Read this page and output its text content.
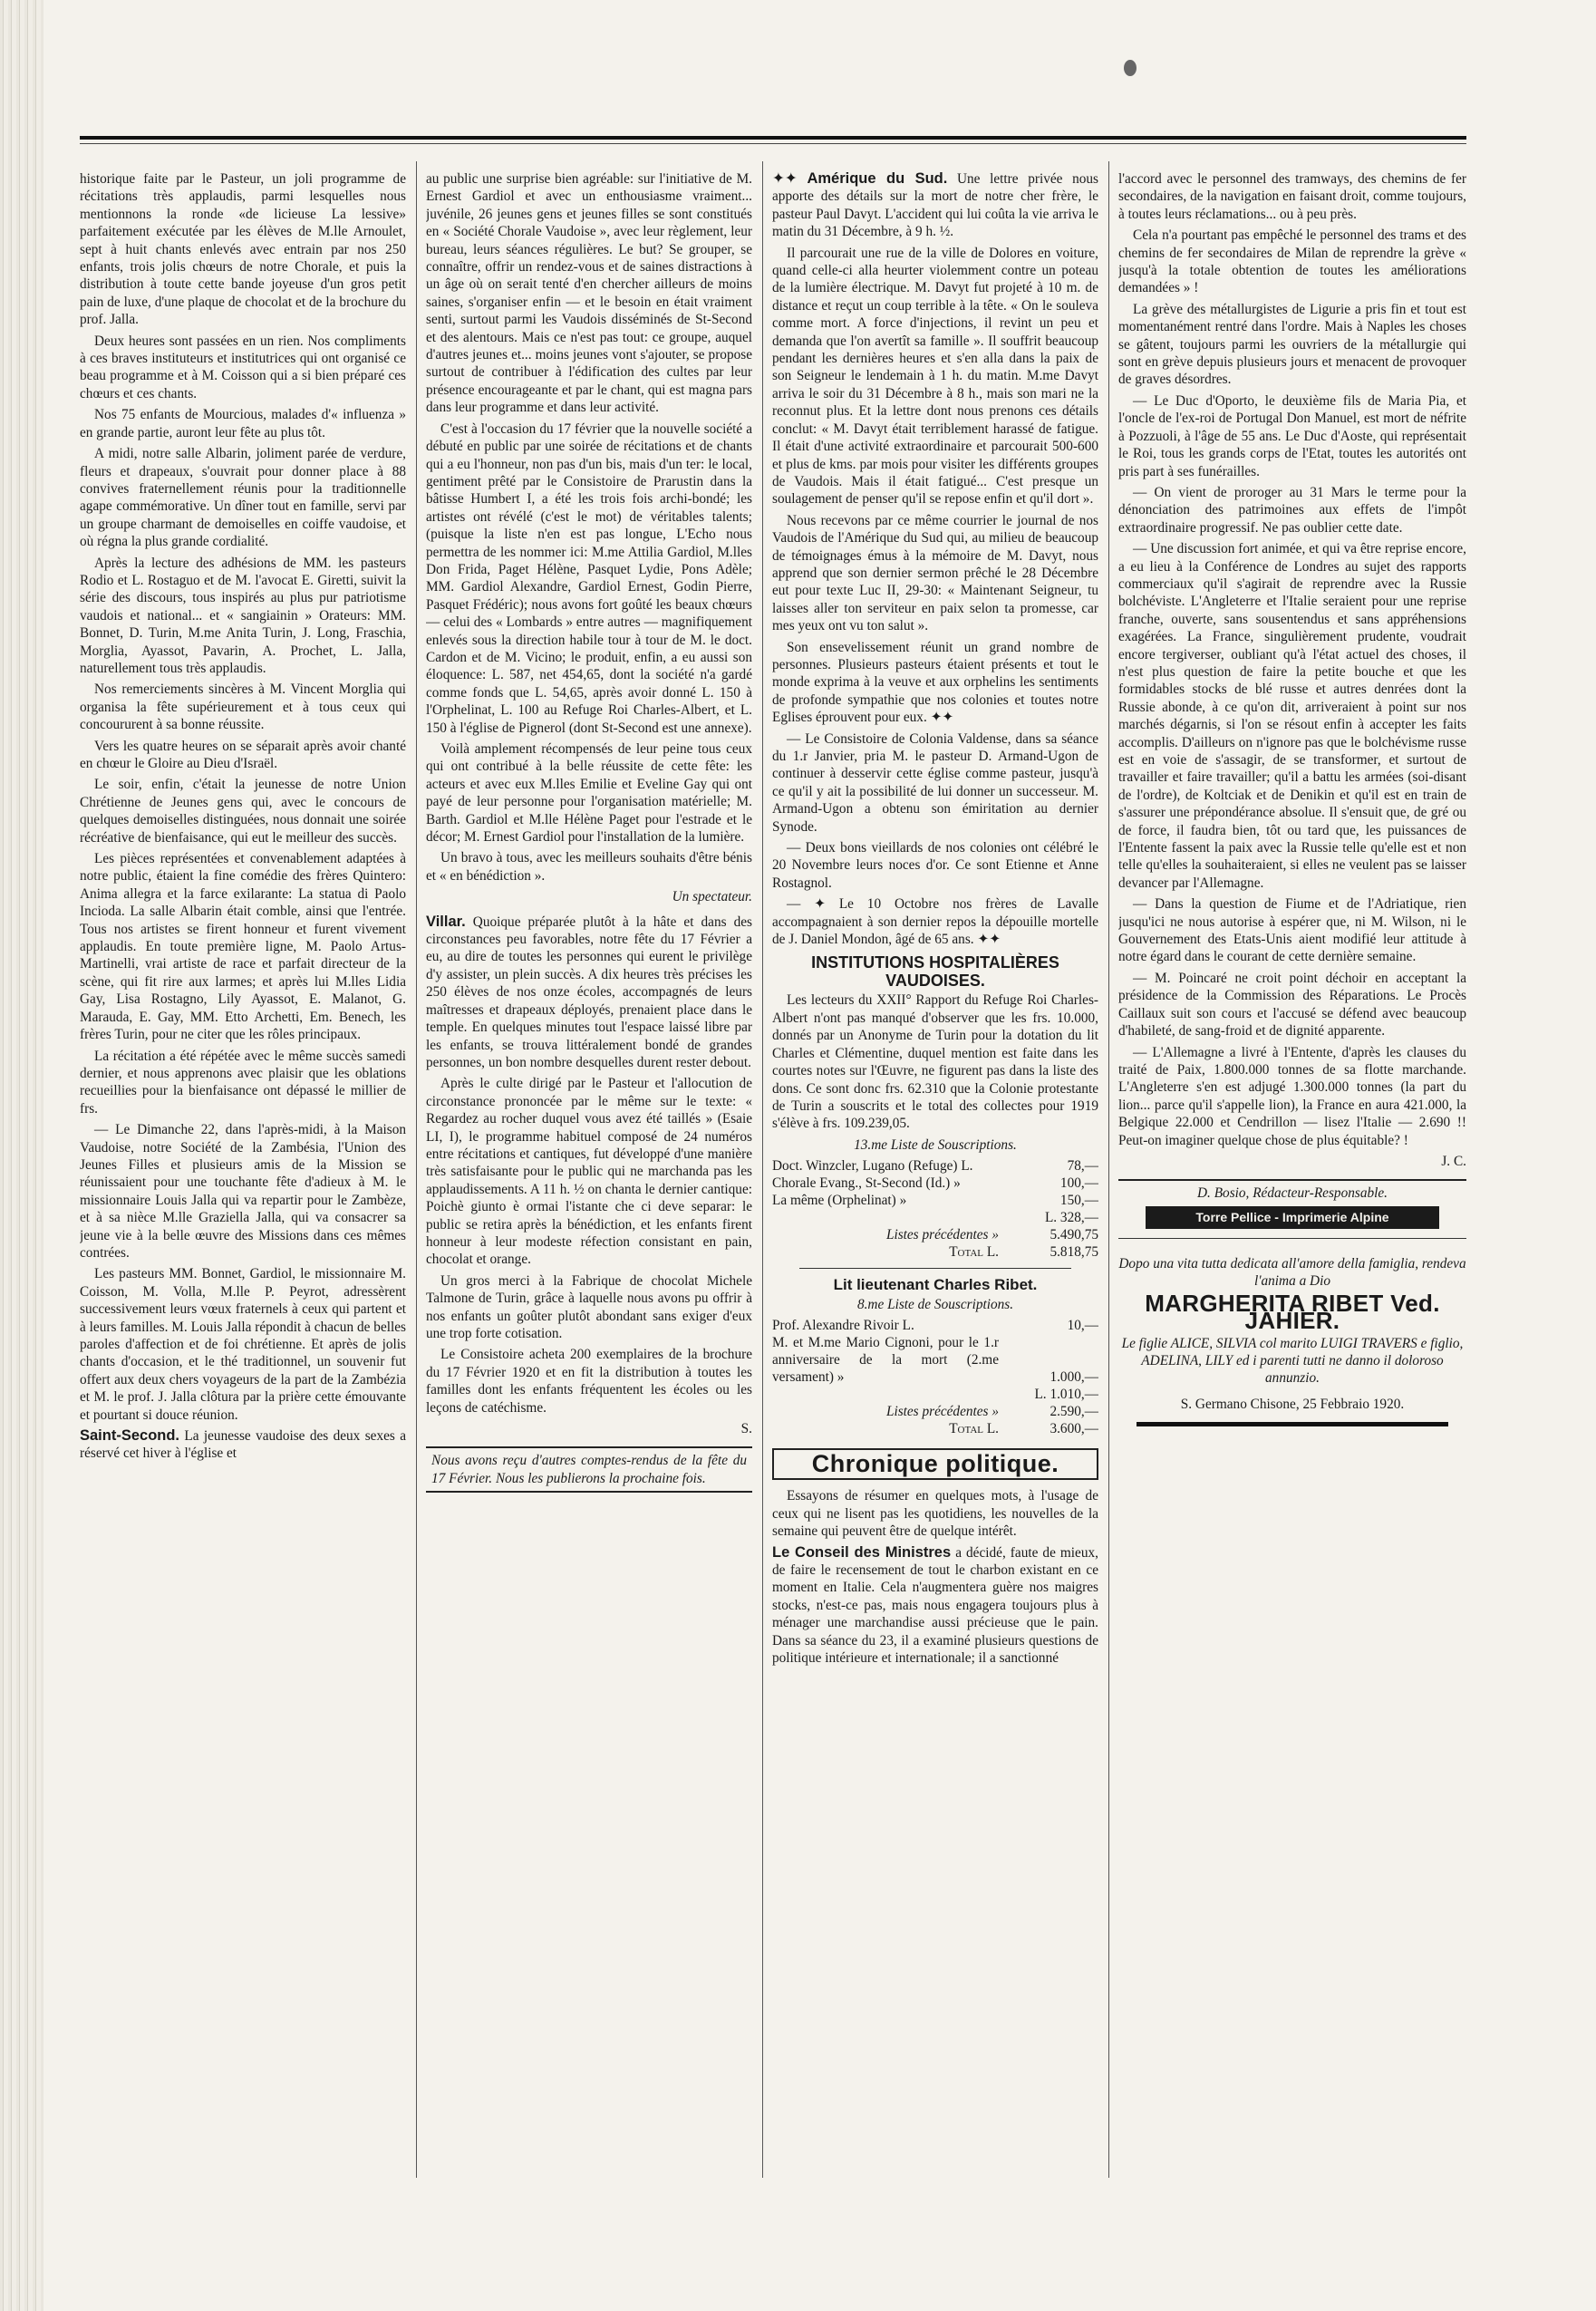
historique faite par le Pasteur, un joli programme de récitations très applaudis, parmi lesquelles nous mentionnons la ronde «de licieuse La lessive» parfaitement exécutée par les élèves de M.lle Arnoulet, sept à huit chants enlevés avec entrain par nos 250 enfants, trois jolis chœurs de notre Chorale, et puis la distribution à toute cette bande joyeuse d'un gros petit pain de luxe, d'une plaque de chocolat et de la brochure du prof. Jalla.

Deux heures sont passées en un rien. Nos compliments à ces braves instituteurs et institutrices qui ont organisé ce beau programme et à M. Coisson qui a si bien préparé ces chœurs et ces chants.

Nos 75 enfants de Mourcious, malades d'« influenza » en grande partie, auront leur fête au plus tôt.

A midi, notre salle Albarin, joliment parée de verdure, fleurs et drapeaux, s'ouvrait pour donner place à 88 convives fraternellement réunis pour la traditionnelle agape commémorative. Un dîner tout en famille, servi par un groupe charmant de demoiselles en coiffe vaudoise, et où régna la plus grande cordialité.

Après la lecture des adhésions de MM. les pasteurs Rodio et L. Rostaguo et de M. l'avocat E. Giretti, suivit la série des discours, tous inspirés au plus pur patriotisme vaudois et national... et « sangiainin » Orateurs: MM. Bonnet, D. Turin, M.me Anita Turin, J. Long, Fraschia, Morglia, Ayassot, Pavarin, A. Prochet, L. Jalla, naturellement tous très applaudis.

Nos remerciements sincères à M. Vincent Morglia qui organisa la fête supérieurement et à tous ceux qui concoururent à sa bonne réussite.

Vers les quatre heures on se séparait après avoir chanté en chœur le Gloire au Dieu d'Israël.

Le soir, enfin, c'était la jeunesse de notre Union Chrétienne de Jeunes gens qui, avec le concours de quelques demoiselles distinguées, nous donnait une soirée récréative de bienfaisance, qui eut le meilleur des succès.

Les pièces représentées et convenablement adaptées à notre public, étaient la fine comédie des frères Quintero: Anima allegra et la farce exilarante: La statua di Paolo Incioda. La salle Albarin était comble, ainsi que l'entrée. Tous nos artistes se firent honneur et furent vivement applaudis. En toute première ligne, M. Paolo Artus-Martinelli, vrai artiste de race et parfait directeur de la scène, qui fit rire aux larmes; et après lui M.lles Lidia Gay, Lisa Rostagno, Lily Ayassot, E. Malanot, G. Marauda, E. Gay, MM. Etto Archetti, Em. Benech, les frères Turin, pour ne citer que les rôles principaux.

La récitation a été répétée avec le même succès samedi dernier, et nous apprenons avec plaisir que les oblations recueillies pour la bienfaisance ont dépassé le millier de frs.

— Le Dimanche 22, dans l'après-midi, à la Maison Vaudoise, notre Société de la Zambésia, l'Union des Jeunes Filles et plusieurs amis de la Mission se réunissaient pour une touchante fête d'adieux à M. le missionnaire Louis Jalla qui va repartir pour le Zambèze, et à sa nièce M.lle Graziella Jalla, qui va consacrer sa jeune vie à la belle œuvre des Missions dans ces mêmes contrées.

Les pasteurs MM. Bonnet, Gardiol, le missionnaire M. Coisson, M. Volla, M.lle P. Peyrot, adressèrent successivement leurs vœux fraternels à ceux qui partent et à leurs familles. M. Louis Jalla répondit à chacun de belles paroles d'affection et de foi chrétienne. Et après de jolis chants d'occasion, et le thé traditionnel, un souvenir fut offert aux deux chers voyageurs de la part de la Zambézia et M. le prof. J. Jalla clôtura par la prière cette émouvante et pourtant si douce réunion.

Saint-Second. La jeunesse vaudoise des deux sexes a réservé cet hiver à l'église et

au public une surprise bien agréable: sur l'initiative de M. Ernest Gardiol et avec un enthousiasme vraiment... juvénile, 26 jeunes gens et jeunes filles se sont constitués en « Société Chorale Vaudoise », avec leur règlement, leur bureau, leurs séances régulières. Le but? Se grouper, se connaître, offrir un rendez-vous et de saines distractions à un âge où on serait tenté d'en chercher ailleurs de moins saines, s'organiser enfin — et le besoin en était vraiment senti, surtout parmi les Vaudois disséminés de St-Second et des alentours. Mais ce n'est pas tout: ce groupe, auquel d'autres jeunes et... moins jeunes vont s'ajouter, se propose surtout de contribuer à l'édification des cultes par leur présence encourageante et par le chant, qui est magna pars dans leur programme et dans leur activité.

C'est à l'occasion du 17 février que la nouvelle société a débuté en public par une soirée de récitations et de chants qui a eu l'honneur, non pas d'un bis, mais d'un ter: le local, gentiment prêté par le Consistoire de Prarustin dans la bâtisse Humbert I, a été les trois fois archi-bondé; les artistes ont révélé (c'est le mot) de véritables talents; (puisque la liste n'en est pas longue, L'Echo nous permettra de les nommer ici: M.me Attilia Gardiol, M.lles Don Frida, Paget Hélène, Pasquet Lydie, Pons Adèle; MM. Gardiol Alexandre, Gardiol Ernest, Godin Pierre, Pasquet Frédéric); nous avons fort goûté les beaux chœurs — celui des « Lombards » entre autres — magnifiquement enlevés sous la direction habile tour à tour de M. le doct. Cardon et de M. Vicino; le produit, enfin, a eu aussi son éloquence: L. 587, net 454,65, dont la société n'a gardé comme fonds que L. 54,65, après avoir donné L. 150 à l'Orphelinat, L. 100 au Refuge Roi Charles-Albert, et L. 150 à l'église de Pignerol (dont St-Second est une annexe).

Voilà amplement récompensés de leur peine tous ceux qui ont contribué à la belle réussite de cette fête: les acteurs et avec eux M.lles Emilie et Eveline Gay qui ont payé de leur personne pour l'organisation matérielle; M. Barth. Gardiol et M.lle Hélène Paget pour l'estrade et le décor; M. Ernest Gardiol pour l'installation de la lumière.

Un bravo à tous, avec les meilleurs souhaits d'être bénis et « en bénédiction ».

Un spectateur.

Villar. Quoique préparée plutôt à la hâte et dans des circonstances peu favorables, notre fête du 17 Février a eu, au dire de toutes les personnes qui eurent le privilège d'y assister, un plein succès. A dix heures très précises les 250 élèves de nos onze écoles, accompagnés de leurs maîtresses et drapeaux déployés, prenaient place dans le temple. En quelques minutes tout l'espace laissé libre par les enfants, se trouva littéralement bondé de grandes personnes, un bon nombre desquelles durent rester debout.

Après le culte dirigé par le Pasteur et l'allocution de circonstance prononcée par le même sur le texte: « Regardez au rocher duquel vous avez été taillés » (Esaie LI, I), le programme habituel composé de 24 numéros entre récitations et cantiques, fut développé d'une manière très satisfaisante pour le public qui ne marchanda pas les applaudissements. A 11 h. ½ on chanta le dernier cantique: Poichè giunto è ormai l'istante che ci deve separar: le public se retira après la bénédiction, et les enfants firent honneur à leur modeste réfection consistant en pain, chocolat et orange.

Un gros merci à la Fabrique de chocolat Michele Talmone de Turin, grâce à laquelle nous avons pu offrir à nos enfants un goûter plutôt abondant sans exiger d'eux une trop forte cotisation.

Le Consistoire acheta 200 exemplaires de la brochure du 17 Février 1920 et en fit la distribution à toutes les familles dont les enfants fréquentent les écoles ou les leçons de catéchisme.

S.
Nous avons reçu d'autres comptes-rendus de la fête du 17 Février. Nous les publierons la prochaine fois.

✦✦ Amérique du Sud. Une lettre privée nous apporte des détails sur la mort de notre cher frère, le pasteur Paul Davyt. L'accident qui lui coûta la vie arriva le matin du 31 Décembre, à 9 h. ½.

Il parcourait une rue de la ville de Dolores en voiture, quand celle-ci alla heurter violemment contre un poteau de la lumière électrique. M. Davyt fut projeté à 10 m. de distance et reçut un coup terrible à la tête. « On le souleva comme mort. A force d'injections, il revint un peu et demanda que l'on avertît sa famille ». Il souffrit beaucoup pendant les dernières heures et s'en alla dans la paix de son Seigneur le lendemain à 1 h. du matin. M.me Davyt arriva le soir du 31 Décembre à 8 h., mais son mari ne la reconnut plus. Et la lettre dont nous prenons ces détails conclut: « M. Davyt était terriblement harassé de fatigue. Il était d'une activité extraordinaire et parcourait 500-600 et plus de kms. par mois pour visiter les différents groupes de Vaudois. Mais il était fatigué... C'est presque un soulagement de penser qu'il se repose enfin et qu'il dort ».

Nous recevons par ce même courrier le journal de nos Vaudois de l'Amérique du Sud qui, au milieu de beaucoup de témoignages émus à la mémoire de M. Davyt, nous apprend que son dernier sermon prêché le 28 Décembre eut pour texte Luc II, 29-30: « Maintenant Seigneur, tu laisses aller ton serviteur en paix selon ta promesse, car mes yeux ont vu ton salut ».

Son ensevelissement réunit un grand nombre de personnes. Plusieurs pasteurs étaient présents et tout le monde exprima à la veuve et aux orphelins les sentiments de profonde sympathie que nos colonies et toutes notre Eglises éprouvent pour eux. ✦✦

— Le Consistoire de Colonia Valdense, dans sa séance du 1.r Janvier, pria M. le pasteur D. Armand-Ugon de continuer à desservir cette église comme pasteur, jusqu'à ce qu'il y ait la possibilité de lui donner un successeur. M. Armand-Ugon a obtenu son émiritation au dernier Synode.

— Deux bons vieillards de nos colonies ont célébré le 20 Novembre leurs noces d'or. Ce sont Etienne et Anne Rostagnol.

— ✦ Le 10 Octobre nos frères de Lavalle accompagnaient à son dernier repos la dépouille mortelle de J. Daniel Mondon, âgé de 65 ans. ✦✦

INSTITUTIONS HOSPITALIÈRES VAUDOISES.

Les lecteurs du XXII° Rapport du Refuge Roi Charles-Albert n'ont pas manqué d'observer que les frs. 10.000, donnés par un Anonyme de Turin pour la dotation du lit Charles et Clémentine, duquel mention est faite dans les courtes notes sur l'Œuvre, ne figurent pas dans la liste des dons. Ce sont donc frs. 62.310 que la Colonie protestante de Turin a souscrits et le total des collectes pour 1919 s'élève à frs. 109.239,05.

13.me Liste de Souscriptions.
Doct. Winzcler, Lugano (Refuge) L.	78,—
Chorale Evang., St-Second (Id.) »	100,—
La même (Orphelinat) »	150,—
	L. 328,—
Listes précédentes »	5.490,75
Total L.	5.818,75
Lit lieutenant Charles Ribet.
8.me Liste de Souscriptions.
Prof. Alexandre Rivoir L.	10,—
M. et M.me Mario Cignoni, pour le 1.r anniversaire de la mort (2.me versament) »	1.000,—
	L. 1.010,—
Listes précédentes »	2.590,—
Total L.	3.600,—
Chronique politique.

Essayons de résumer en quelques mots, à l'usage de ceux qui ne lisent pas les quotidiens, les nouvelles de la semaine qui peuvent être de quelque intérêt.

Le Conseil des Ministres a décidé, faute de mieux, de faire le recensement de tout le charbon existant en ce moment en Italie. Cela n'augmentera guère nos maigres stocks, n'est-ce pas, mais nous engagera toujours plus à ménager une marchandise aussi précieuse que le pain. Dans sa séance du 23, il a examiné plusieurs questions de politique intérieure et internationale; il a sanctionné

l'accord avec le personnel des tramways, des chemins de fer secondaires, de la navigation en faisant droit, comme toujours, à toutes leurs réclamations... ou à peu près.

Cela n'a pourtant pas empêché le personnel des trams et des chemins de fer secondaires de Milan de reprendre la grève « jusqu'à la totale obtention de toutes les améliorations demandées » !

La grève des métallurgistes de Ligurie a pris fin et tout est momentanément rentré dans l'ordre. Mais à Naples les choses se gâtent, toujours parmi les ouvriers de la métallurgie qui sont en grève depuis plusieurs jours et menacent de provoquer de graves désordres.

— Le Duc d'Oporto, le deuxième fils de Maria Pia, et l'oncle de l'ex-roi de Portugal Don Manuel, est mort de néfrite à Pozzuoli, à l'âge de 55 ans. Le Duc d'Aoste, qui représentait le Roi, tous les grands corps de l'Etat, toutes les autorités ont pris part à ses funérailles.

— On vient de proroger au 31 Mars le terme pour la dénonciation des patrimoines aux effets de l'impôt extraordinaire progressif. Ne pas oublier cette date.

— Une discussion fort animée, et qui va être reprise encore, a eu lieu à la Conférence de Londres au sujet des rapports commerciaux qu'il s'agirait de reprendre avec la Russie bolchéviste. L'Angleterre et l'Italie seraient pour une reprise franche, ouverte, sans sousentendus et sans appréhensions exagérées. La France, singulièrement prudente, voudrait encore tergiverser, oubliant qu'à l'état actuel des choses, il n'est plus question de faire la petite bouche et que les formidables stocks de blé russe et autres denrées dont la Russie abonde, à ce qu'on dit, arriveraient à point sur nos marchés dégarnis, si l'on se résout enfin à accepter les faits accomplis. D'ailleurs on n'ignore pas que le bolchévisme russe est en voie de s'assagir, de se transformer, et surtout de travailler et faire travailler; qu'il a battu les armées (soi-disant de l'ordre), de Koltciak et de Denikin et qu'il est en train de s'assurer une prépondérance absolue. Il s'ensuit que, de gré ou de force, il faudra bien, tôt ou tard que, les puissances de l'Entente fassent la paix avec la Russie telle qu'elle est et non telle qu'elles la souhaiteraient, si elles ne veulent pas se laisser devancer par l'Allemagne.

— Dans la question de Fiume et de l'Adriatique, rien jusqu'ici ne nous autorise à espérer que, ni M. Wilson, ni le Gouvernement des Etats-Unis aient modifié leur attitude à notre égard dans le courant de cette dernière semaine.

— M. Poincaré ne croit point déchoir en acceptant la présidence de la Commission des Réparations. Le Procès Caillaux suit son cours et l'accusé se défend avec beaucoup d'habileté, de sang-froid et de dignité apparente.

— L'Allemagne a livré à l'Entente, d'après les clauses du traité de Paix, 1.800.000 tonnes de sa flotte marchande. L'Angleterre s'en est adjugé 1.300.000 tonnes (la part du lion... parce qu'il s'appelle lion), la France en aura 421.000, la Belgique 22.000 et Cendrillon — lisez l'Italie — 2.690 !! Peut-on imaginer quelque chose de plus équitable? !

J. C.
D. Bosio, Rédacteur-Responsable.
Torre Pellice - Imprimerie Alpine
Dopo una vita tutta dedicata all'amore della famiglia, rendeva l'anima a Dio
MARGHERITA RIBET Ved. JAHIER.
Le figlie ALICE, SILVIA col marito LUIGI TRAVERS e figlio, ADELINA, LILY ed i parenti tutti ne danno il doloroso annunzio.
S. Germano Chisone, 25 Febbraio 1920.
